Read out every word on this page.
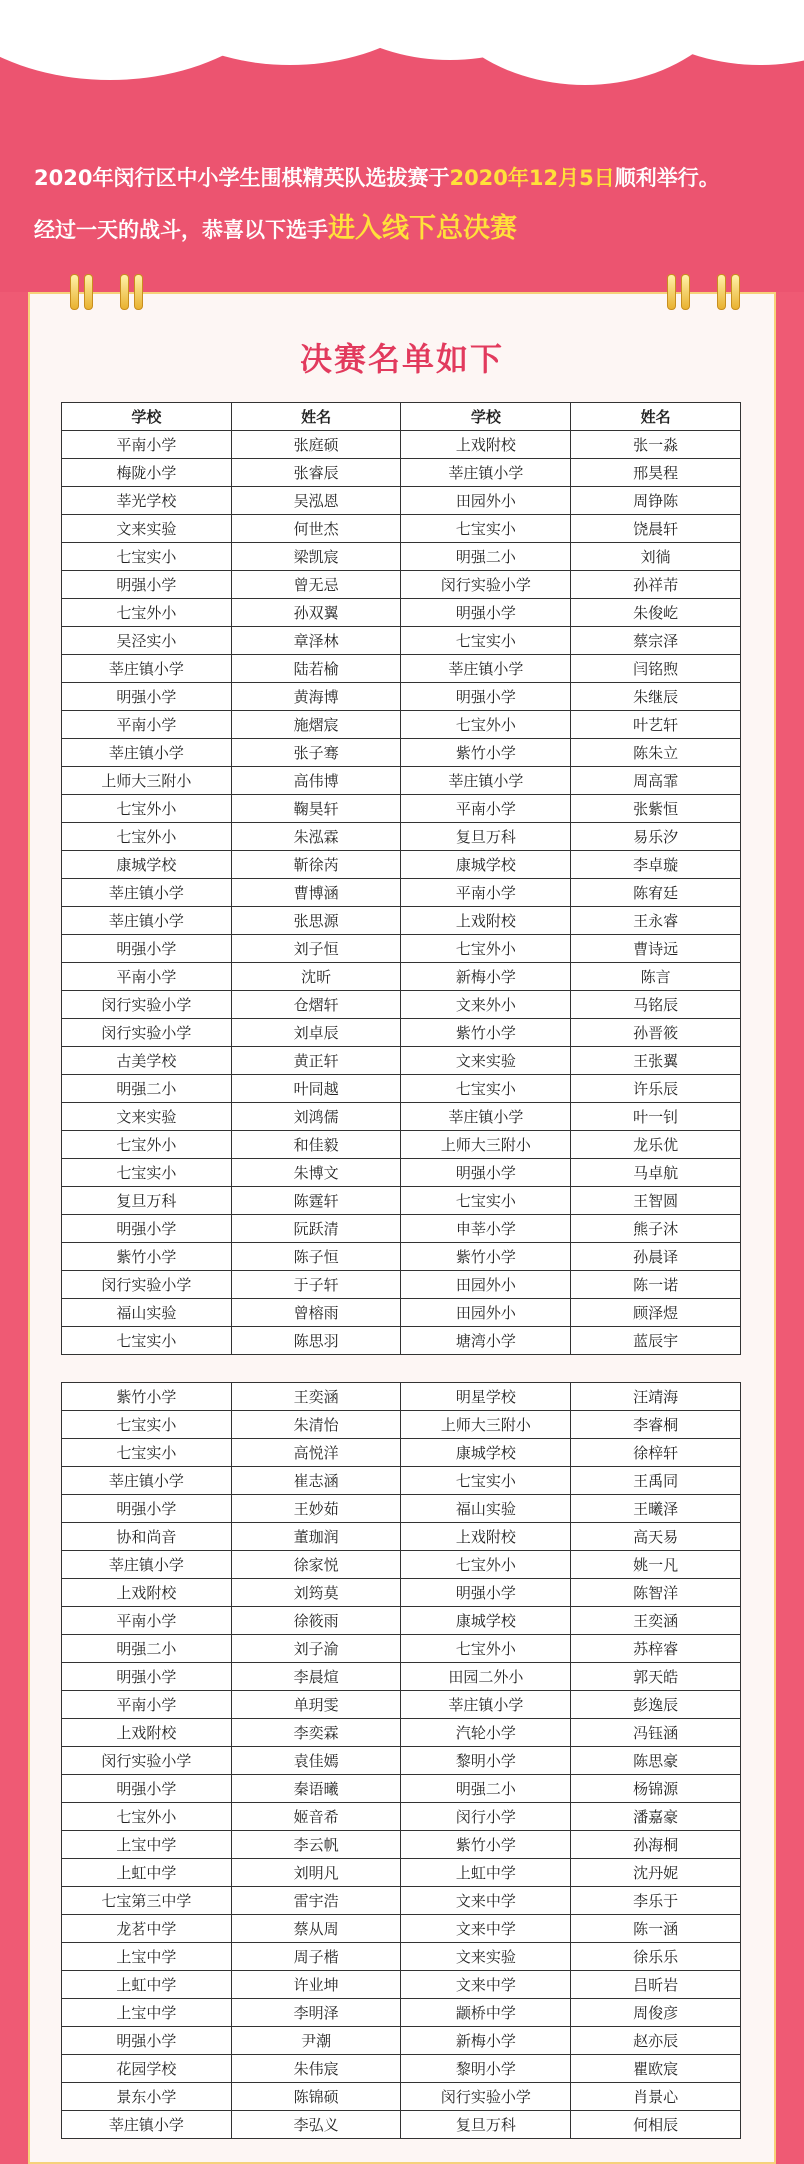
2020年闵行区中小学生围棋精英队选拔赛于2020年12月5日顺利举行。
经过一天的战斗，恭喜以下选手进入线下总决赛
决赛名单如下
学校	姓名	学校	姓名
平南小学	张庭硕	上戏附校	张一淼
梅陇小学	张睿辰	莘庄镇小学	邢昊程
莘光学校	吴泓恩	田园外小	周铮陈
文来实验	何世杰	七宝实小	饶晨轩
七宝实小	梁凯宸	明强二小	刘徜
明强小学	曾无忌	闵行实验小学	孙祥芾
七宝外小	孙双翼	明强小学	朱俊屹
吴泾实小	章泽林	七宝实小	蔡宗泽
莘庄镇小学	陆若榆	莘庄镇小学	闫铭煦
明强小学	黄海博	明强小学	朱继辰
平南小学	施熠宸	七宝外小	叶艺轩
莘庄镇小学	张子骞	紫竹小学	陈朱立
上师大三附小	高伟博	莘庄镇小学	周高霏
七宝外小	鞠昊轩	平南小学	张紫恒
七宝外小	朱泓霖	复旦万科	易乐汐
康城学校	靳徐芮	康城学校	李卓璇
莘庄镇小学	曹博涵	平南小学	陈宥廷
莘庄镇小学	张思源	上戏附校	王永睿
明强小学	刘子恒	七宝外小	曹诗远
平南小学	沈昕	新梅小学	陈言
闵行实验小学	仓熠轩	文来外小	马铭辰
闵行实验小学	刘卓辰	紫竹小学	孙晋筱
古美学校	黄正轩	文来实验	王张翼
明强二小	叶同越	七宝实小	许乐辰
文来实验	刘鸿儒	莘庄镇小学	叶一钊
七宝外小	和佳毅	上师大三附小	龙乐优
七宝实小	朱博文	明强小学	马卓航
复旦万科	陈霆轩	七宝实小	王智圆
明强小学	阮跃清	申莘小学	熊子沐
紫竹小学	陈子恒	紫竹小学	孙晨译
闵行实验小学	于子轩	田园外小	陈一诺
福山实验	曾榕雨	田园外小	顾泽煜
七宝实小	陈思羽	塘湾小学	蓝辰宇
紫竹小学	王奕涵	明星学校	汪靖海
七宝实小	朱清怡	上师大三附小	李睿桐
七宝实小	高悦洋	康城学校	徐梓轩
莘庄镇小学	崔志涵	七宝实小	王禹同
明强小学	王妙茹	福山实验	王曦泽
协和尚音	董珈润	上戏附校	高天易
莘庄镇小学	徐家悦	七宝外小	姚一凡
上戏附校	刘筠莫	明强小学	陈智洋
平南小学	徐筱雨	康城学校	王奕涵
明强二小	刘子渝	七宝外小	苏梓睿
明强小学	李晨煊	田园二外小	郭天皓
平南小学	单玥雯	莘庄镇小学	彭逸辰
上戏附校	李奕霖	汽轮小学	冯钰涵
闵行实验小学	袁佳嫣	黎明小学	陈思豪
明强小学	秦语曦	明强二小	杨锦源
七宝外小	姬音希	闵行小学	潘嘉豪
上宝中学	李云帆	紫竹小学	孙海桐
上虹中学	刘明凡	上虹中学	沈丹妮
七宝第三中学	雷宇浩	文来中学	李乐于
龙茗中学	蔡从周	文来中学	陈一涵
上宝中学	周子楷	文来实验	徐乐乐
上虹中学	许业坤	文来中学	吕昕岩
上宝中学	李明泽	颛桥中学	周俊彦
明强小学	尹潮	新梅小学	赵亦辰
花园学校	朱伟宸	黎明小学	瞿欧宸
景东小学	陈锦硕	闵行实验小学	肖景心
莘庄镇小学	李弘义	复旦万科	何相辰
